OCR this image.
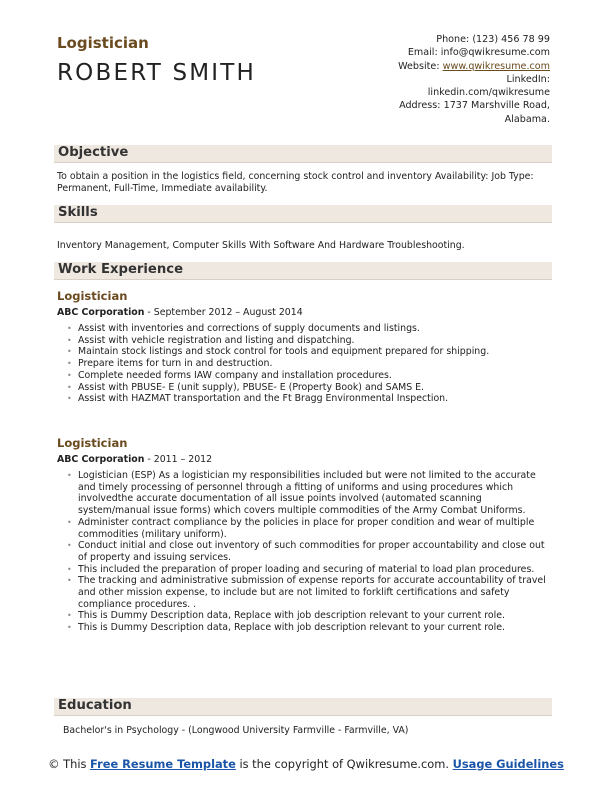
Logistician
ROBERT SMITH
Phone: (123) 456 78 99
Email: info@qwikresume.com
Website: www.qwikresume.com
LinkedIn:
linkedin.com/qwikresume
Address: 1737 Marshville Road,
Alabama.
Objective
To obtain a position in the logistics field, concerning stock control and inventory Availability: Job Type: Permanent, Full-Time, Immediate availability.
Skills
Inventory Management, Computer Skills With Software And Hardware Troubleshooting.
Work Experience
Logistician
ABC Corporation - September 2012 – August 2014
• Assist with inventories and corrections of supply documents and listings.
• Assist with vehicle registration and listing and dispatching.
• Maintain stock listings and stock control for tools and equipment prepared for shipping.
• Prepare items for turn in and destruction.
• Complete needed forms IAW company and installation procedures.
• Assist with PBUSE- E (unit supply), PBUSE- E (Property Book) and SAMS E.
• Assist with HAZMAT transportation and the Ft Bragg Environmental Inspection.
Logistician
ABC Corporation - 2011 – 2012
• Logistician (ESP) As a logistician my responsibilities included but were not limited to the accurate and timely processing of personnel through a fitting of uniforms and using procedures which involvedthe accurate documentation of all issue points involved (automated scanning system/manual issue forms) which covers multiple commodities of the Army Combat Uniforms.
• Administer contract compliance by the policies in place for proper condition and wear of multiple commodities (military uniform).
• Conduct initial and close out inventory of such commodities for proper accountability and close out of property and issuing services.
• This included the preparation of proper loading and securing of material to load plan procedures.
• The tracking and administrative submission of expense reports for accurate accountability of travel and other mission expense, to include but are not limited to forklift certifications and safety compliance procedures. .
• This is Dummy Description data, Replace with job description relevant to your current role.
• This is Dummy Description data, Replace with job description relevant to your current role.
Education
Bachelor's in Psychology - (Longwood University Farmville - Farmville, VA)
© This Free Resume Template is the copyright of Qwikresume.com. Usage Guidelines
